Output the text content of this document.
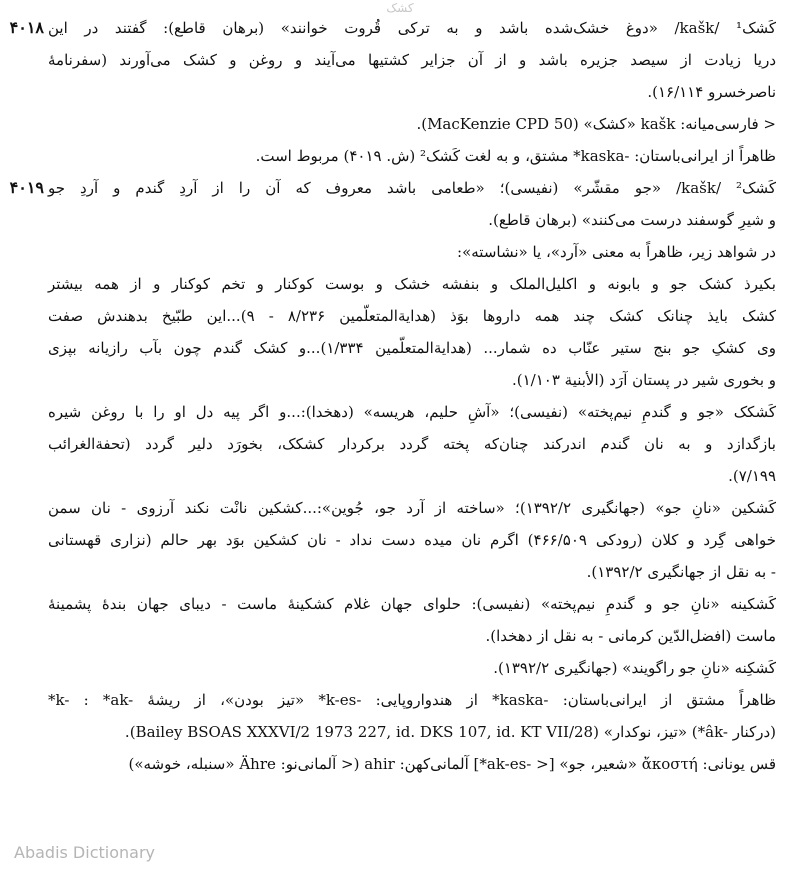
کشک
۴۰۱۸ کَشک¹ /kašk/ «دوغ خشک‌شده باشد و به ترکی قُروت خوانند» (برهان قاطع): گفتند در این
دریا زیادت از سیصد جزیره باشد و از آن جزایر کشتیها می‌آیند و روغن و کشک می‌آورند (سفرنامهٔ
ناصرخسرو ۱۶/۱۱۴).
< فارسی‌میانه: kašk «کشک» (MacKenzie CPD 50).
ظاهراً از ایرانی‌باستان: ‎*kaska-‎ مشتق، و به لغت کَشک² (ش. ۴۰۱۹) مربوط است.
۴۰۱۹ کَشک² /kašk/ «جو مقشّر» (نفیسی)؛ «طعامی باشد معروف که آن را از آردِ گندم و آردِ جو
و شیرِ گوسفند درست می‌کنند» (برهان قاطع).
در شواهد زیر، ظاهراً به معنی «آرد»، یا «نشاسته»:
بکیرذ کشک جو و بابونه و اکلیل‌الملک و بنفشه خشک و بوست کوکنار و تخم کوکنار و از همه بیشتر
کشک بایذ چنانک کشک چند همه داروها بوَذ (هدایة‌المتعلّمین ۸/۲۳۶ - ۹)...این طبّیخ بدهندش صفت
وی کشکِ جو بنج ستیر عنّاب ده شمار... (هدایة‌المتعلّمین ۱/۳۳۴)...و کشک گندم چون بآب رازیانه بپزی
و بخوری شیر در پستان آرَد (الأبنیة ۱/۱۰۳).
کَشکک «جو و گندمِ نیم‌پخته» (نفیسی)؛ «آشِ حلیم، هریسه» (دهخدا):...و اگر پیه دل او را با روغن شیره
بازگدازد و به نان گندم اندرکند چنان‌که پخته گردد برکردار کشکک، بخورَد دلیر گردد (تحفة‌الغرائب
۷/۱۹۹).
کَشکین «نانِ جو» (جهانگیری ۱۳۹۲/۲)؛ «ساخته از آرد جو، جُوین»:...کشکین نانْت نکند آرزوی - نان سمن
خواهی گِرد و کلان (رودکی ۴۶۶/۵۰۹) اگرم نان میده دست نداد - نان کشکین بوَد بهر حالم (نزاری قهستانی
- به نقل از جهانگیری ۱۳۹۲/۲).
کَشکینه «نانِ جو و گندمِ نیم‌پخته» (نفیسی): حلوای جهان غلام کشکینهٔ ماست - دیبای جهان بندهٔ پشمینهٔ
ماست (افضل‌الدّین کرمانی - به نقل از دهخدا).
کَشکِنه «نانِ جو راگویند» (جهانگیری ۱۳۹۲/۲).
ظاهراً مشتق از ایرانی‌باستان: ‎*kaska-‎ از هندواروپایی: ‎*k-es-‎ «تیز بودن»، از ریشهٔ ‎*k- : *ak-‎
(درکنار ‎*âk-‎) «تیز، نوکدار» (Bailey BSOAS XXXVI/2 1973 227, id. DKS 107, id. KT VII/28).
قس یونانی: ἄκοστή «شعیر، جو» [< ‎*ak-es-‎] آلمانی‌کهن: ahir (< آلمانی‌نو: Ähre «سنبله، خوشه»)
Abadis Dictionary
